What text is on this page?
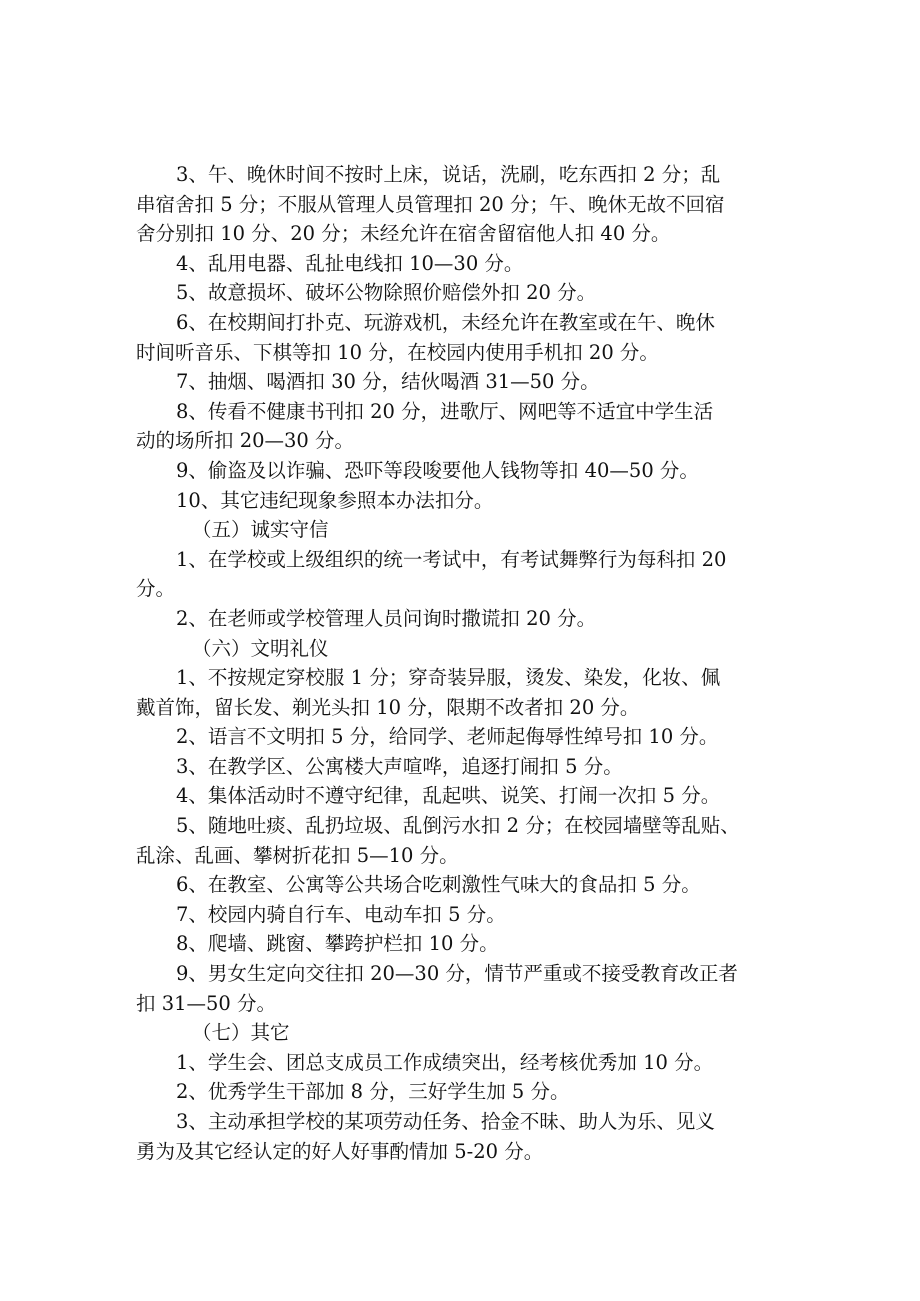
3、午、晚休时间不按时上床，说话，洗刷，吃东西扣 2 分；乱

串宿舍扣 5 分；不服从管理人员管理扣 20 分；午、晚休无故不回宿

舍分别扣 10 分、20 分；未经允许在宿舍留宿他人扣 40 分。

4、乱用电器、乱扯电线扣 10—30 分。

5、故意损坏、破坏公物除照价赔偿外扣 20 分。

6、在校期间打扑克、玩游戏机，未经允许在教室或在午、晚休

时间听音乐、下棋等扣 10 分，在校园内使用手机扣 20 分。

7、抽烟、喝酒扣 30 分，结伙喝酒 31—50 分。

8、传看不健康书刊扣 20 分，进歌厅、网吧等不适宜中学生活

动的场所扣 20—30 分。

9、偷盗及以诈骗、恐吓等段唆要他人钱物等扣 40—50 分。

10、其它违纪现象参照本办法扣分。

（五）诚实守信

1、在学校或上级组织的统一考试中，有考试舞弊行为每科扣 20

分。

2、在老师或学校管理人员问询时撒谎扣 20 分。

（六）文明礼仪

1、不按规定穿校服 1 分；穿奇装异服，烫发、染发，化妆、佩

戴首饰，留长发、剃光头扣 10 分，限期不改者扣 20 分。

2、语言不文明扣 5 分，给同学、老师起侮辱性绰号扣 10 分。

3、在教学区、公寓楼大声喧哗，追逐打闹扣 5 分。

4、集体活动时不遵守纪律，乱起哄、说笑、打闹一次扣 5 分。

5、随地吐痰、乱扔垃圾、乱倒污水扣 2 分；在校园墙壁等乱贴、

乱涂、乱画、攀树折花扣 5—10 分。

6、在教室、公寓等公共场合吃刺激性气味大的食品扣 5 分。

7、校园内骑自行车、电动车扣 5 分。

8、爬墙、跳窗、攀跨护栏扣 10 分。

9、男女生定向交往扣 20—30 分，情节严重或不接受教育改正者

扣 31—50 分。

（七）其它

1、学生会、团总支成员工作成绩突出，经考核优秀加 10 分。

2、优秀学生干部加 8 分，三好学生加 5 分。

3、主动承担学校的某项劳动任务、拾金不昧、助人为乐、见义

勇为及其它经认定的好人好事酌情加 5-20 分。
